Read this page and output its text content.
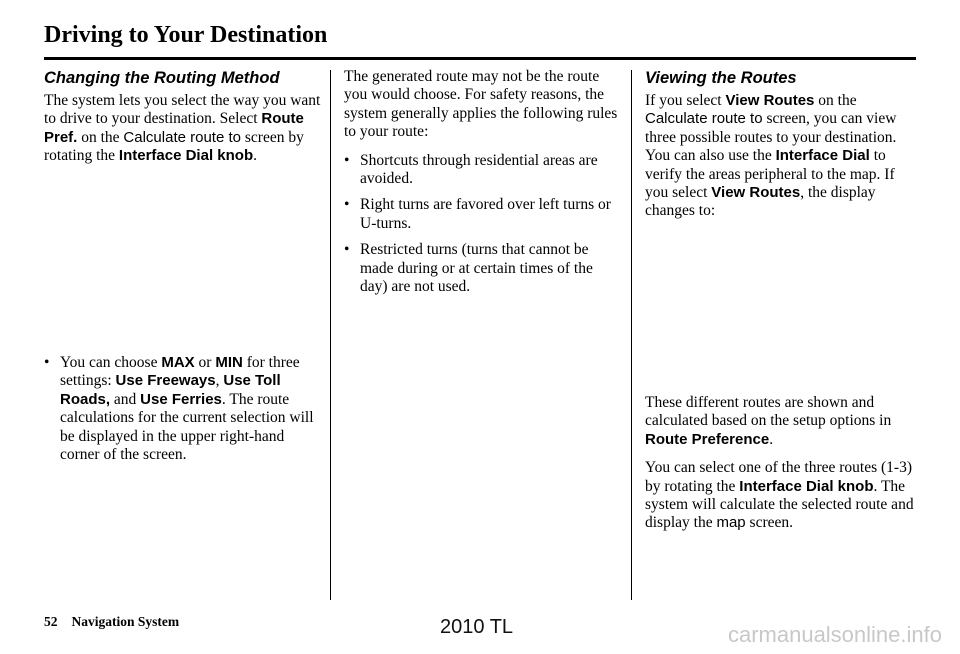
Driving to Your Destination
Changing the Routing Method

The system lets you select the way you want to drive to your destination. Select Route Pref. on the Calculate route to screen by rotating the Interface Dial knob.

• You can choose MAX or MIN for three settings: Use Freeways, Use Toll Roads, and Use Ferries. The route calculations for the current selection will be displayed in the upper right-hand corner of the screen.

The generated route may not be the route you would choose. For safety reasons, the system generally applies the following rules to your route:

• Shortcuts through residential areas are avoided.
• Right turns are favored over left turns or U-turns.
• Restricted turns (turns that cannot be made during or at certain times of the day) are not used.
Viewing the Routes

If you select View Routes on the Calculate route to screen, you can view three possible routes to your destination. You can also use the Interface Dial to verify the areas peripheral to the map. If you select View Routes, the display changes to:

These different routes are shown and calculated based on the setup options in Route Preference.

You can select one of the three routes (1-3) by rotating the Interface Dial knob. The system will calculate the selected route and display the map screen.

52 Navigation System	2010 TL	carmanualsonline.info
